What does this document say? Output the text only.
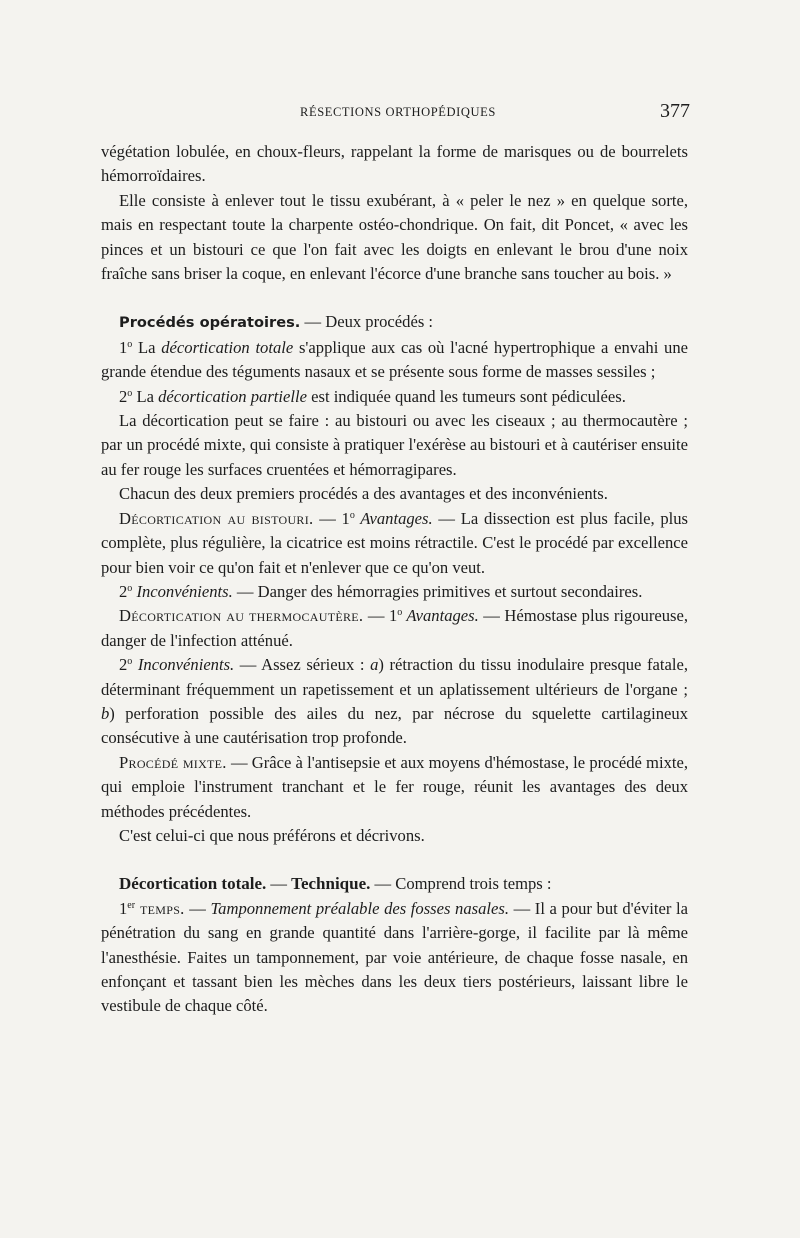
RÉSECTIONS ORTHOPÉDIQUES	377

végétation lobulée, en choux-fleurs, rappelant la forme de marisques ou de bourrelets hémorroïdaires.

Elle consiste à enlever tout le tissu exubérant, à « peler le nez » en quelque sorte, mais en respectant toute la charpente ostéo-chondrique. On fait, dit Poncet, « avec les pinces et un bistouri ce que l'on fait avec les doigts en enlevant le brou d'une noix fraîche sans briser la coque, en enlevant l'écorce d'une branche sans toucher au bois. »

Procédés opératoires. — Deux procédés :

1$^o$ La décortication totale s'applique aux cas où l'acné hypertrophique a envahi une grande étendue des téguments nasaux et se présente sous forme de masses sessiles ;

2$^o$ La décortication partielle est indiquée quand les tumeurs sont pédiculées.

La décortication peut se faire : au bistouri ou avec les ciseaux ; au thermocautère ; par un procédé mixte, qui consiste à pratiquer l'exérèse au bistouri et à cautériser ensuite au fer rouge les surfaces cruentées et hémorragipares.

Chacun des deux premiers procédés a des avantages et des inconvénients.

Décortication au bistouri. — 1$^o$ Avantages. — La dissection est plus facile, plus complète, plus régulière, la cicatrice est moins rétractile. C'est le procédé par excellence pour bien voir ce qu'on fait et n'enlever que ce qu'on veut.

2$^o$ Inconvénients. — Danger des hémorragies primitives et surtout secondaires.

Décortication au thermocautère. — 1$^o$ Avantages. — Hémostase plus rigoureuse, danger de l'infection atténué.

2$^o$ Inconvénients. — Assez sérieux : a) rétraction du tissu inodulaire presque fatale, déterminant fréquemment un rapetissement et un aplatissement ultérieurs de l'organe ; b) perforation possible des ailes du nez, par nécrose du squelette cartilagineux consécutive à une cautérisation trop profonde.

Procédé mixte. — Grâce à l'antisepsie et aux moyens d'hémostase, le procédé mixte, qui emploie l'instrument tranchant et le fer rouge, réunit les avantages des deux méthodes précédentes.

C'est celui-ci que nous préférons et décrivons.

Décortication totale. — Technique. — Comprend trois temps :

1er temps. — Tamponnement préalable des fosses nasales. — Il a pour but d'éviter la pénétration du sang en grande quantité dans l'arrière-gorge, il facilite par là même l'anesthésie. Faites un tamponnement, par voie antérieure, de chaque fosse nasale, en enfonçant et tassant bien les mèches dans les deux tiers postérieurs, laissant libre le vestibule de chaque côté.
